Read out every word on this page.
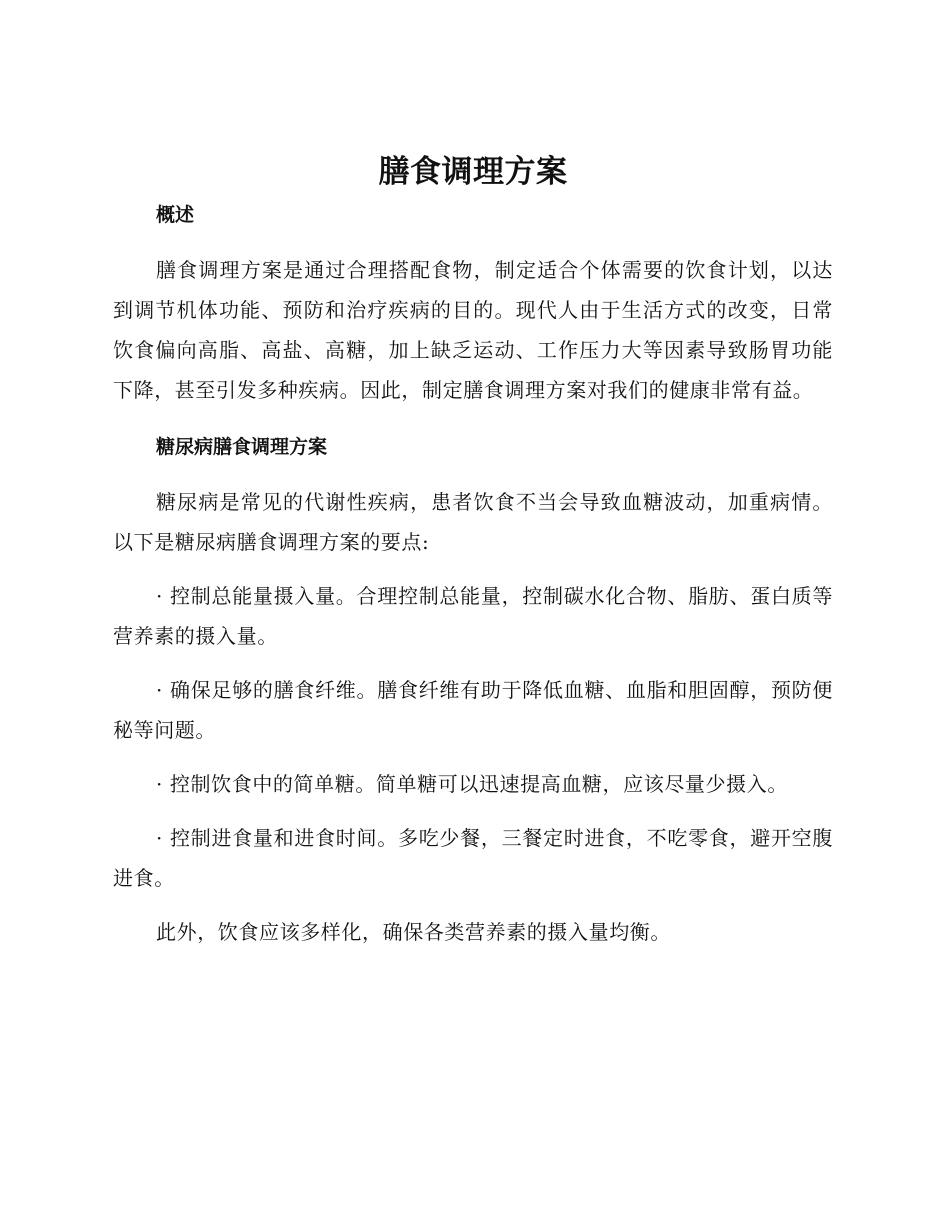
膳食调理方案
概述

膳食调理方案是通过合理搭配食物，制定适合个体需要的饮食计划，以达到调节机体功能、预防和治疗疾病的目的。现代人由于生活方式的改变，日常饮食偏向高脂、高盐、高糖，加上缺乏运动、工作压力大等因素导致肠胃功能下降，甚至引发多种疾病。因此，制定膳食调理方案对我们的健康非常有益。

糖尿病膳食调理方案

糖尿病是常见的代谢性疾病，患者饮食不当会导致血糖波动，加重病情。以下是糖尿病膳食调理方案的要点:

· 控制总能量摄入量。合理控制总能量，控制碳水化合物、脂肪、蛋白质等营养素的摄入量。

· 确保足够的膳食纤维。膳食纤维有助于降低血糖、血脂和胆固醇，预防便秘等问题。

· 控制饮食中的简单糖。简单糖可以迅速提高血糖，应该尽量少摄入。

· 控制进食量和进食时间。多吃少餐，三餐定时进食，不吃零食，避开空腹进食。

此外，饮食应该多样化，确保各类营养素的摄入量均衡。
